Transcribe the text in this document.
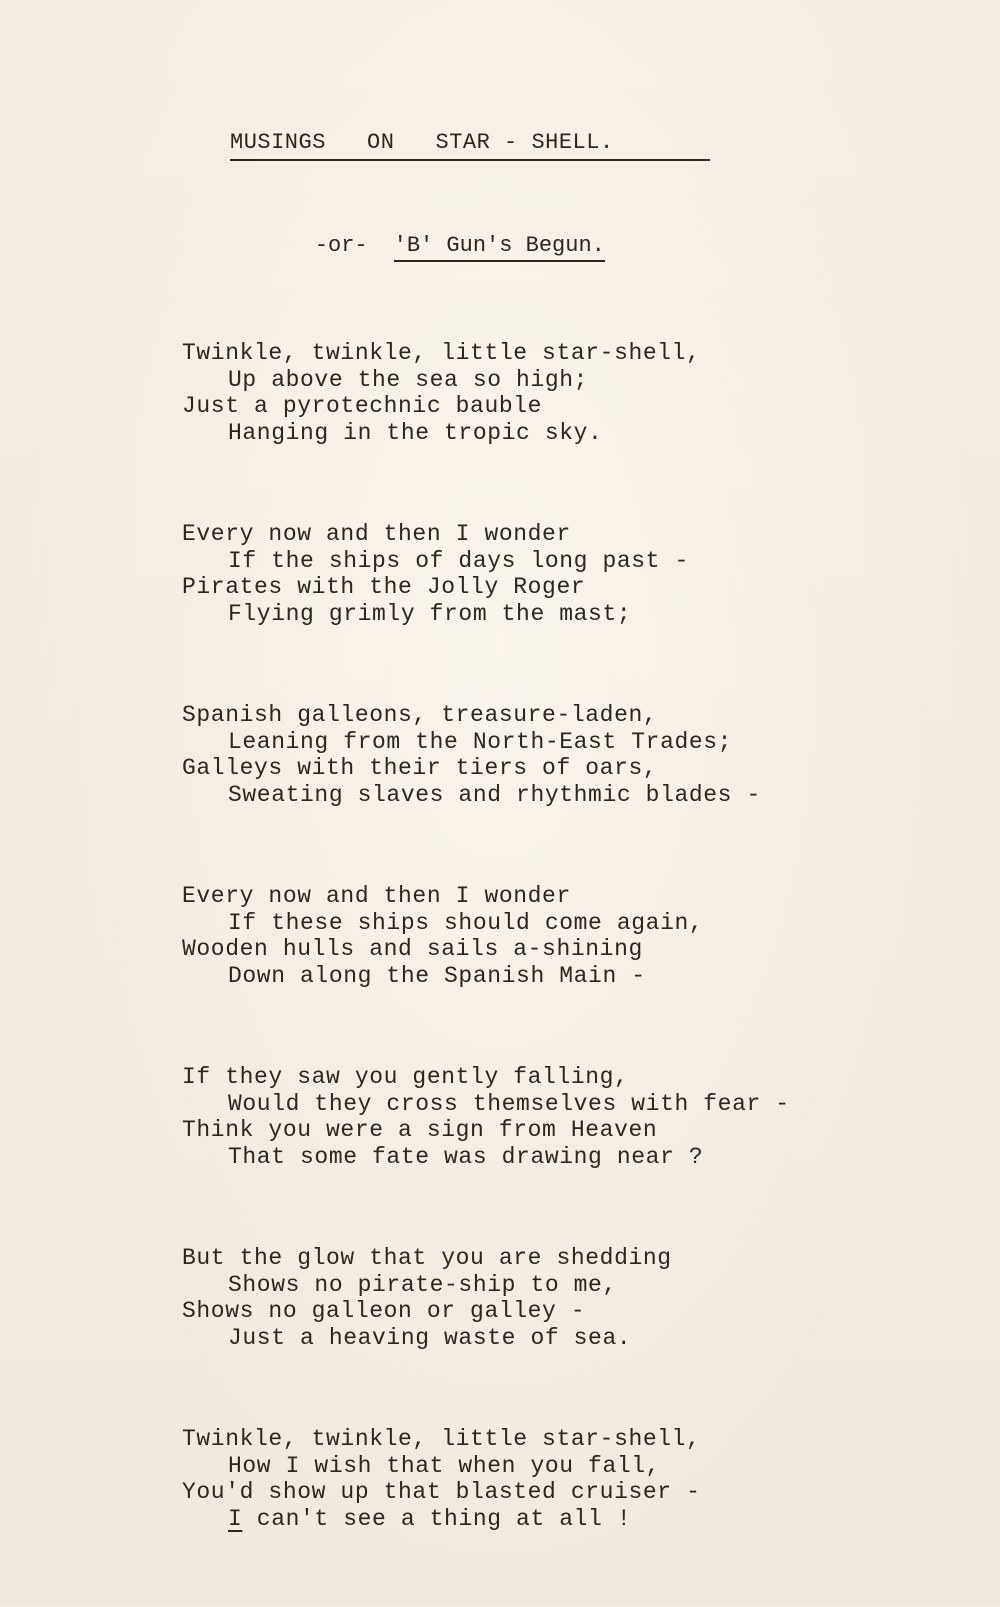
MUSINGS   ON   STAR - SHELL.

-or- 'B' Gun's Begun.

Twinkle, twinkle, little star-shell,
Up above the sea so high;
Just a pyrotechnic bauble
Hanging in the tropic sky.
Every now and then I wonder
If the ships of days long past -
Pirates with the Jolly Roger
Flying grimly from the mast;
Spanish galleons, treasure-laden,
Leaning from the North-East Trades;
Galleys with their tiers of oars,
Sweating slaves and rhythmic blades -
Every now and then I wonder
If these ships should come again,
Wooden hulls and sails a-shining
Down along the Spanish Main -
If they saw you gently falling,
Would they cross themselves with fear -
Think you were a sign from Heaven
That some fate was drawing near ?
But the glow that you are shedding
Shows no pirate-ship to me,
Shows no galleon or galley -
Just a heaving waste of sea.
Twinkle, twinkle, little star-shell,
How I wish that when you fall,
You'd show up that blasted cruiser -
I can't see a thing at all !
